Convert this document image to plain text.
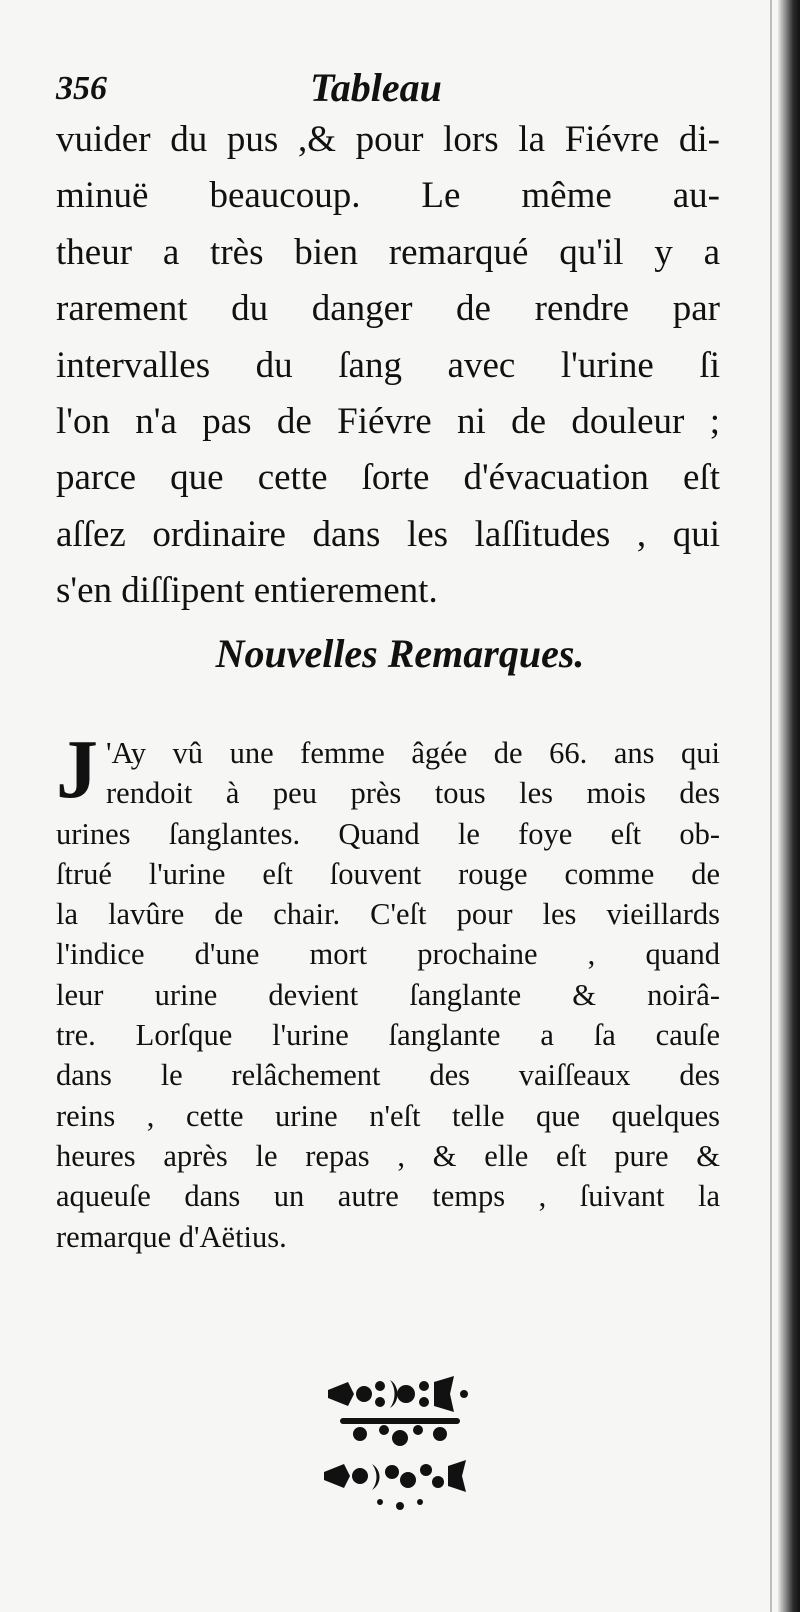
356	Tableau
vuider du pus ,& pour lors la Fiévre di-
minuë beaucoup. Le même au-
theur a très bien remarqué qu'il y a
rarement du danger de rendre par
intervalles du ſang avec l'urine ſi
l'on n'a pas de Fiévre ni de douleur ;
parce que cette ſorte d'évacuation eſt
aſſez ordinaire dans les laſſitudes , qui
s'en diſſipent entierement.
Nouvelles Remarques.
J 'Ay vû une femme âgée de 66. ans qui
rendoit à peu près tous les mois des
urines ſanglantes. Quand le foye eſt ob-
ſtrué l'urine eſt ſouvent rouge comme de
la lavûre de chair. C'eſt pour les vieillards
l'indice d'une mort prochaine , quand
leur urine devient ſanglante & noirâ-
tre. Lorſque l'urine ſanglante a ſa cauſe
dans le relâchement des vaiſſeaux des
reins , cette urine n'eſt telle que quelques
heures après le repas , & elle eſt pure &
aqueuſe dans un autre temps , ſuivant la
remarque d'Aëtius.
